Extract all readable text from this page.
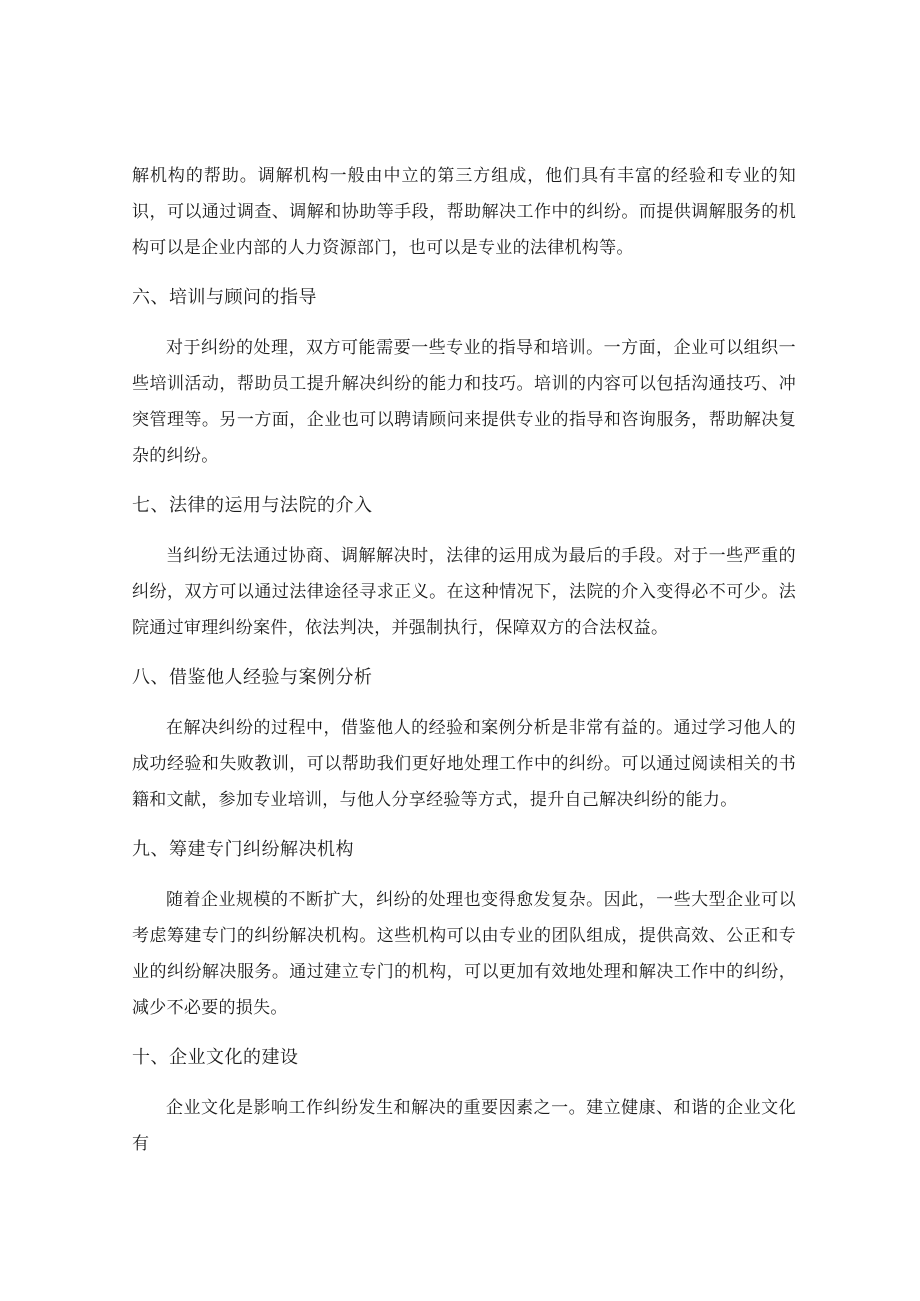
解机构的帮助。调解机构一般由中立的第三方组成，他们具有丰富的经验和专业的知识，可以通过调查、调解和协助等手段，帮助解决工作中的纠纷。而提供调解服务的机构可以是企业内部的人力资源部门，也可以是专业的法律机构等。

六、培训与顾问的指导

对于纠纷的处理，双方可能需要一些专业的指导和培训。一方面，企业可以组织一些培训活动，帮助员工提升解决纠纷的能力和技巧。培训的内容可以包括沟通技巧、冲突管理等。另一方面，企业也可以聘请顾问来提供专业的指导和咨询服务，帮助解决复杂的纠纷。

七、法律的运用与法院的介入

当纠纷无法通过协商、调解解决时，法律的运用成为最后的手段。对于一些严重的纠纷，双方可以通过法律途径寻求正义。在这种情况下，法院的介入变得必不可少。法院通过审理纠纷案件，依法判决，并强制执行，保障双方的合法权益。

八、借鉴他人经验与案例分析

在解决纠纷的过程中，借鉴他人的经验和案例分析是非常有益的。通过学习他人的成功经验和失败教训，可以帮助我们更好地处理工作中的纠纷。可以通过阅读相关的书籍和文献，参加专业培训，与他人分享经验等方式，提升自己解决纠纷的能力。

九、筹建专门纠纷解决机构

随着企业规模的不断扩大，纠纷的处理也变得愈发复杂。因此，一些大型企业可以考虑筹建专门的纠纷解决机构。这些机构可以由专业的团队组成，提供高效、公正和专业的纠纷解决服务。通过建立专门的机构，可以更加有效地处理和解决工作中的纠纷，减少不必要的损失。

十、企业文化的建设

企业文化是影响工作纠纷发生和解决的重要因素之一。建立健康、和谐的企业文化有
